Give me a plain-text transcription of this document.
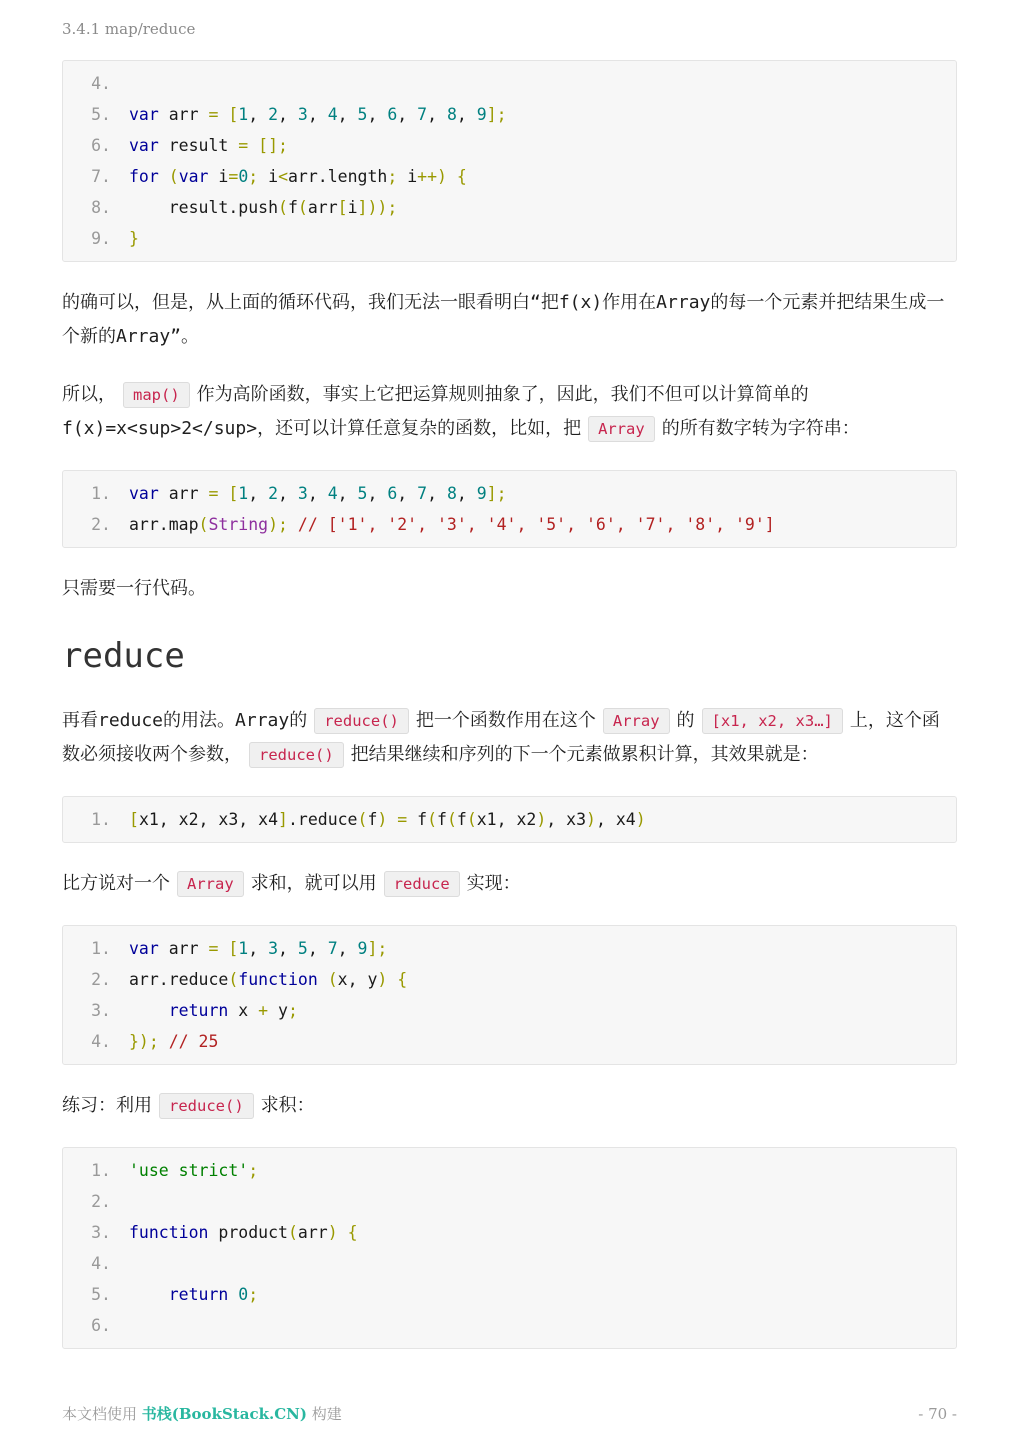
3.4.1 map/reduce
4.
5. var arr = [1, 2, 3, 4, 5, 6, 7, 8, 9];
6. var result = [];
7. for (var i=0; i<arr.length; i++) {
8.    result.push(f(arr[i]));
9. }

的确可以，但是，从上面的循环代码，我们无法一眼看明白“把f(x)作用在Array的每一个元素并把结果生成一个新的Array”。

所以， map() 作为高阶函数，事实上它把运算规则抽象了，因此，我们不但可以计算简单的f(x)=x<sup>2</sup>，还可以计算任意复杂的函数，比如，把 Array 的所有数字转为字符串：

1. var arr = [1, 2, 3, 4, 5, 6, 7, 8, 9];
2. arr.map(String); // ['1', '2', '3', '4', '5', '6', '7', '8', '9']

只需要一行代码。

reduce

再看reduce的用法。Array的 reduce() 把一个函数作用在这个 Array 的 [x1, x2, x3…] 上，这个函数必须接收两个参数， reduce() 把结果继续和序列的下一个元素做累积计算，其效果就是：

1. [x1, x2, x3, x4].reduce(f) = f(f(f(x1, x2), x3), x4)

比方说对一个 Array 求和，就可以用 reduce 实现：

1. var arr = [1, 3, 5, 7, 9];
2. arr.reduce(function (x, y) {
3.	return x + y;
4. }); // 25

练习：利用 reduce() 求积：

1. 'use strict';
2.
3. function product(arr) {
4.
5.	return 0;
6.
本文档使用 书栈(BookStack.CN) 构建	- 70 -
